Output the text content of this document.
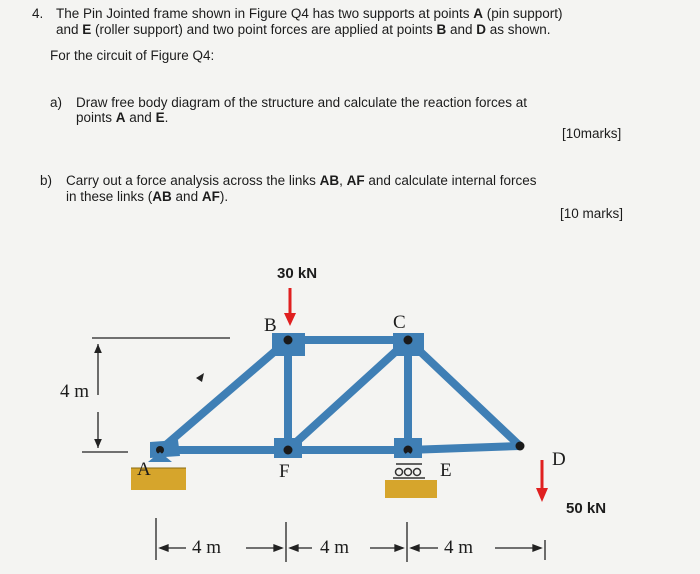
4. The Pin Jointed frame shown in Figure Q4 has two supports at points A (pin support)
and E (roller support) and two point forces are applied at points B and D as shown.
For the circuit of Figure Q4:
a) Draw free body diagram of the structure and calculate the reaction forces at
points A and E.
[10marks]
b) Carry out a force analysis across the links AB, AF and calculate internal forces
in these links (AB and AF).
[10 marks]
30 kN
50 kN
B	C
A	F	E
D
4 m
4 m	4 m	4 m
